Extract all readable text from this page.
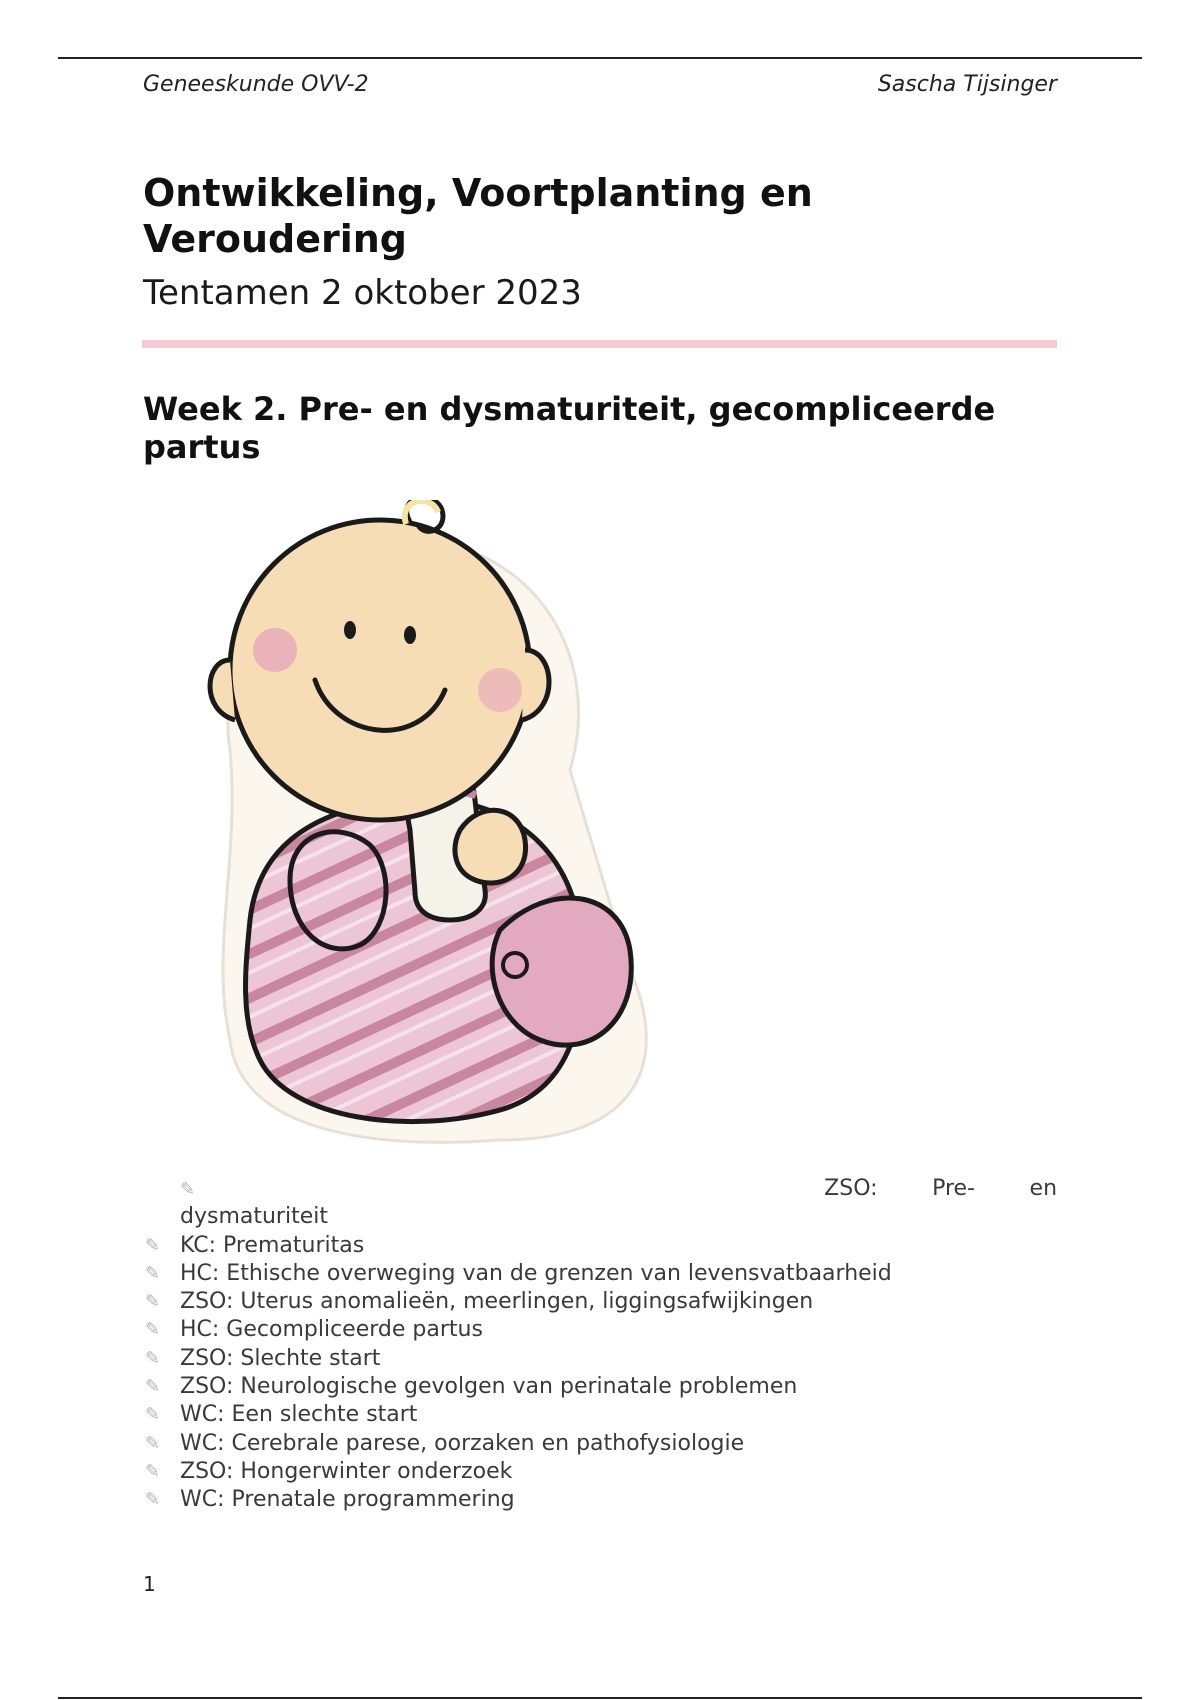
Geneeskunde OVV-2	Sascha Tijsinger
Ontwikkeling, Voortplanting en Veroudering
Tentamen 2 oktober 2023
Week 2. Pre- en dysmaturiteit, gecompliceerde partus
✎	ZSO: Pre- en
dysmaturiteit
✎ KC: Prematuritas
✎ HC: Ethische overweging van de grenzen van levensvatbaarheid
✎ ZSO: Uterus anomalieën, meerlingen, liggingsafwijkingen
✎ HC: Gecompliceerde partus
✎ ZSO: Slechte start
✎ ZSO: Neurologische gevolgen van perinatale problemen
✎ WC: Een slechte start
✎ WC: Cerebrale parese, oorzaken en pathofysiologie
✎ ZSO: Hongerwinter onderzoek
✎ WC: Prenatale programmering
1
